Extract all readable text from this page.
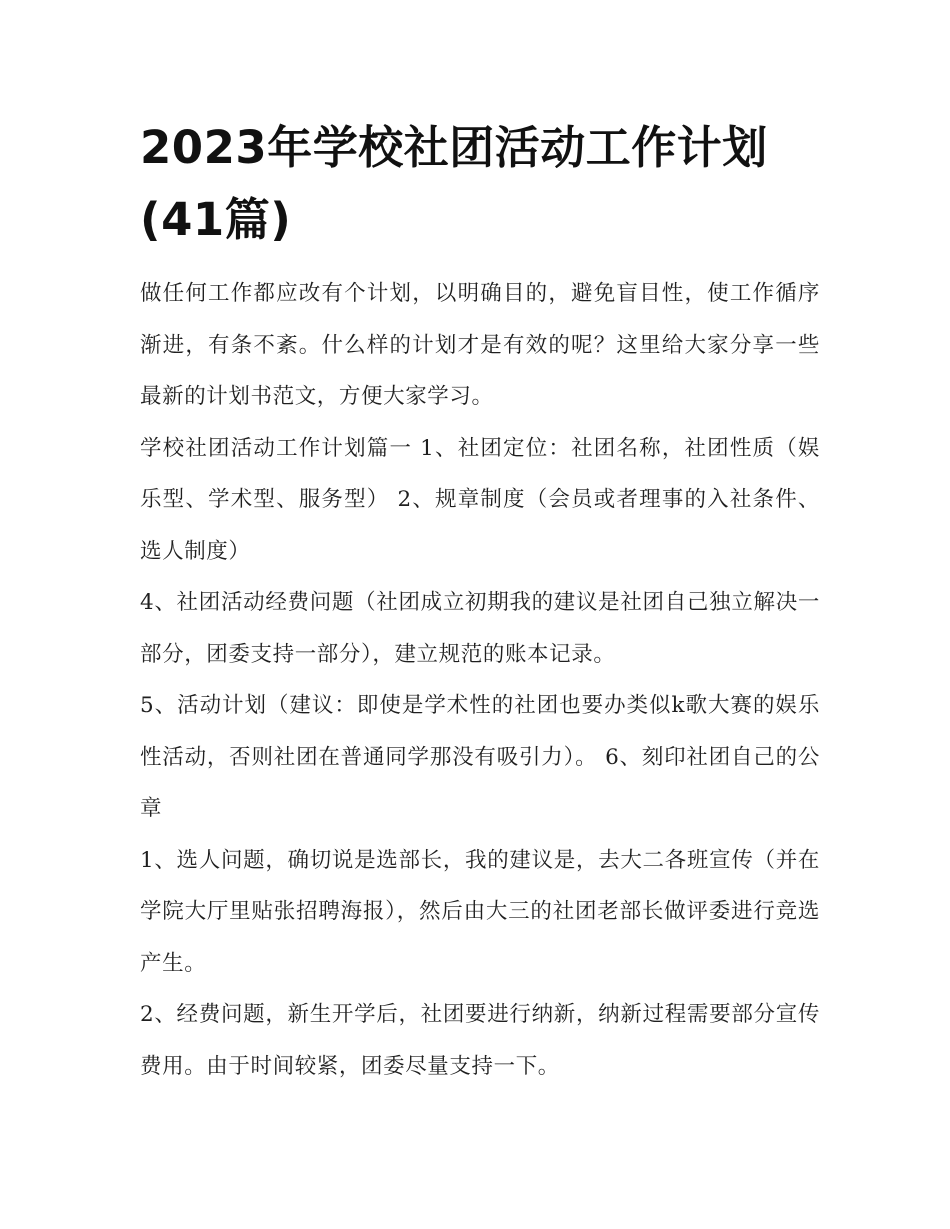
2023年学校社团活动工作计划(41篇)

做任何工作都应改有个计划，以明确目的，避免盲目性，使工作循序渐进，有条不紊。什么样的计划才是有效的呢？这里给大家分享一些最新的计划书范文，方便大家学习。

学校社团活动工作计划篇一 1、社团定位：社团名称，社团性质（娱乐型、学术型、服务型） 2、规章制度（会员或者理事的入社条件、选人制度）

4、社团活动经费问题（社团成立初期我的建议是社团自己独立解决一部分，团委支持一部分），建立规范的账本记录。

5、活动计划（建议：即使是学术性的社团也要办类似k歌大赛的娱乐性活动，否则社团在普通同学那没有吸引力）。 6、刻印社团自己的公章

1、选人问题，确切说是选部长，我的建议是，去大二各班宣传（并在学院大厅里贴张招聘海报），然后由大三的社团老部长做评委进行竞选产生。

2、经费问题，新生开学后，社团要进行纳新，纳新过程需要部分宣传费用。由于时间较紧，团委尽量支持一下。
